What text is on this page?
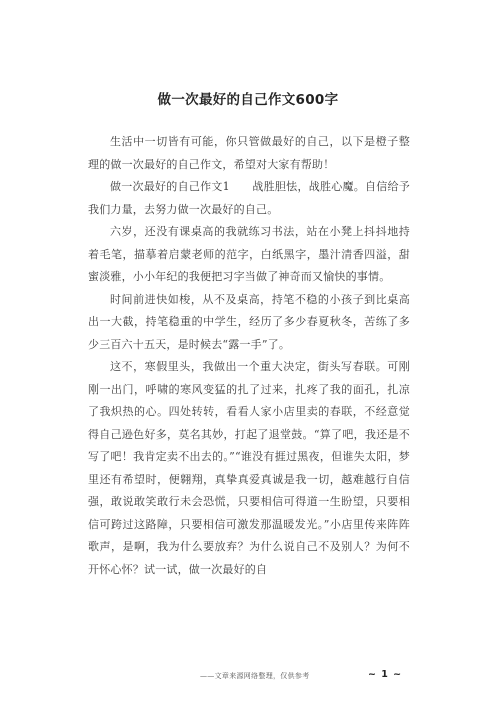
做一次最好的自己作文600字

生活中一切皆有可能，你只管做最好的自己，以下是橙子整理的做一次最好的自己作文，希望对大家有帮助！

做一次最好的自己作文1　　战胜胆怯，战胜心魔。自信给予我们力量，去努力做一次最好的自己。

六岁，还没有课桌高的我就练习书法，站在小凳上抖抖地持着毛笔，描摹着启蒙老师的范字，白纸黑字，墨汁清香四溢，甜蜜淡雅，小小年纪的我便把习字当做了神奇而又愉快的事情。

时间前进快如梭，从不及桌高，持笔不稳的小孩子到比桌高出一大截，持笔稳重的中学生，经历了多少春夏秋冬，苦练了多少三百六十五天，是时候去“露一手”了。

这不，寒假里头，我做出一个重大决定，街头写春联。可刚刚一出门，呼啸的寒风变猛的扎了过来，扎疼了我的面孔，扎凉了我炽热的心。四处转转，看看人家小店里卖的春联，不经意觉得自己逊色好多，莫名其妙，打起了退堂鼓。“算了吧，我还是不写了吧！我肯定卖不出去的。”“谁没有捱过黑夜，但谁失太阳，梦里还有希望时，便翱翔，真挚真爱真诚是我一切，越难越行自信强，敢说敢笑敢行未会恐慌，只要相信可得道一生盼望，只要相信可跨过这路障，只要相信可激发那温暖发光。”小店里传来阵阵歌声，是啊，我为什么要放弃？为什么说自己不及别人？为何不开怀心怀？试一试，做一次最好的自

——文章来源网络整理，仅供参考	~ 1 ~
